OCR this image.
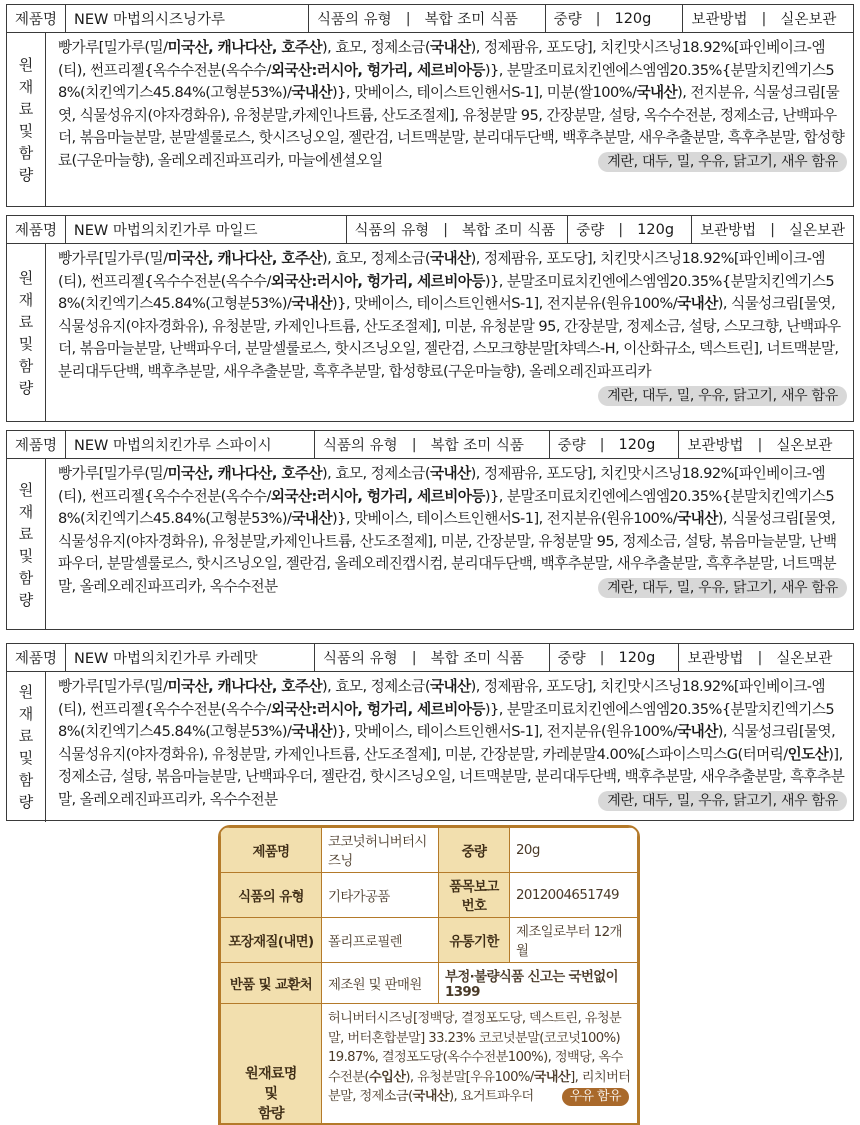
제품명	NEW 마법의시즈닝가루	식품의 유형 | 복합 조미 식품	중량 | 120g	보관방법 | 실온보관
원
재
료
및
함
량
빵가루[밀가루(밀/미국산, 캐나다산, 호주산), 효모, 정제소금(국내산), 정제팜유, 포도당], 치킨맛시즈닝18.92%[파인베이크-엠(티), 썬프리젤{옥수수전분(옥수수/외국산:러시아, 헝가리, 세르비아등)}, 분말조미료치킨엔에스엠엠20.35%{분말치킨엑기스58%(치킨엑기스45.84%(고형분53%)/국내산)}, 맛베이스, 테이스트인핸서S-1], 미분(쌀100%/국내산), 전지분유, 식물성크림[물엿, 식물성유지(야자경화유), 유청분말,카제인나트륨, 산도조절제], 유청분말 95, 간장분말, 설탕, 옥수수전분, 정제소금, 난백파우더, 볶음마늘분말, 분말셀룰로스, 핫시즈닝오일, 젤란검, 너트맥분말, 분리대두단백, 백후추분말, 새우추출분말, 흑후추분말, 합성향료(구운마늘향), 올레오레진파프리카, 마늘에센셜오일	계란, 대두, 밀, 우유, 닭고기, 새우 함유
제품명	NEW 마법의치킨가루 마일드	식품의 유형 | 복합 조미 식품	중량 | 120g	보관방법 | 실온보관
원
재
료
및
함
량
빵가루[밀가루(밀/미국산, 캐나다산, 호주산), 효모, 정제소금(국내산), 정제팜유, 포도당], 치킨맛시즈닝18.92%[파인베이크-엠(티), 썬프리젤{옥수수전분(옥수수/외국산:러시아, 헝가리, 세르비아등)}, 분말조미료치킨엔에스엠엠20.35%{분말치킨엑기스58%(치킨엑기스45.84%(고형분53%)/국내산)}, 맛베이스, 테이스트인핸서S-1], 전지분유(원유100%/국내산), 식물성크림[물엿, 식물성유지(야자경화유), 유청분말, 카제인나트륨, 산도조절제], 미분, 유청분말 95, 간장분말, 정제소금, 설탕, 스모크향, 난백파우더, 볶음마늘분말, 난백파우더, 분말셀룰로스, 핫시즈닝오일, 젤란검, 스모크향분말[챠덱스-H, 이산화규소, 덱스트린], 너트맥분말, 분리대두단백, 백후추분말, 새우추출분말, 흑후추분말, 합성향료(구운마늘향), 올레오레진파프리카
계란, 대두, 밀, 우유, 닭고기, 새우 함유
제품명	NEW 마법의치킨가루 스파이시	식품의 유형 | 복합 조미 식품	중량 | 120g	보관방법 | 실온보관
원
재
료
및
함
량
빵가루[밀가루(밀/미국산, 캐나다산, 호주산), 효모, 정제소금(국내산), 정제팜유, 포도당], 치킨맛시즈닝18.92%[파인베이크-엠(티), 썬프리젤{옥수수전분(옥수수/외국산:러시아, 헝가리, 세르비아등)}, 분말조미료치킨엔에스엠엠20.35%{분말치킨엑기스58%(치킨엑기스45.84%(고형분53%)/국내산)}, 맛베이스, 테이스트인핸서S-1], 전지분유(원유100%/국내산), 식물성크림[물엿, 식물성유지(야자경화유), 유청분말,카제인나트륨, 산도조절제], 미분, 간장분말, 유청분말 95, 정제소금, 설탕, 볶음마늘분말, 난백파우더, 분말셀룰로스, 핫시즈닝오일, 젤란검, 올레오레진캡시컴, 분리대두단백, 백후추분말, 새우추출분말, 흑후추분말, 너트맥분말, 올레오레진파프리카, 옥수수전분	계란, 대두, 밀, 우유, 닭고기, 새우 함유
제품명	NEW 마법의치킨가루 카레맛	식품의 유형 | 복합 조미 식품	중량 | 120g	보관방법 | 실온보관
원
재
료
및
함
량
빵가루[밀가루(밀/미국산, 캐나다산, 호주산), 효모, 정제소금(국내산), 정제팜유, 포도당], 치킨맛시즈닝18.92%[파인베이크-엠(티), 썬프리젤{옥수수전분(옥수수/외국산:러시아, 헝가리, 세르비아등)}, 분말조미료치킨엔에스엠엠20.35%{분말치킨엑기스58%(치킨엑기스45.84%(고형분53%)/국내산)}, 맛베이스, 테이스트인핸서S-1], 전지분유(원유100%/국내산), 식물성크림[물엿, 식물성유지(야자경화유), 유청분말, 카제인나트륨, 산도조절제], 미분, 간장분말, 카레분말4.00%[스파이스믹스G(터머릭/인도산)], 정제소금, 설탕, 볶음마늘분말, 난백파우더, 젤란검, 핫시즈닝오일, 너트맥분말, 분리대두단백, 백후추분말, 새우추출분말, 흑후추분말, 올레오레진파프리카, 옥수수전분	계란, 대두, 밀, 우유, 닭고기, 새우 함유
제품명	코코넛허니버터시즈닝	중량	20g
식품의 유형	기타가공품	품목보고번호	2012004651749
포장재질(내면)	폴리프로필렌	유통기한	제조일로부터 12개월
반품 및 교환처	제조원 및 판매원	부정·불량식품 신고는 국번없이 1399	

원재료명
및
함량	허니버터시즈닝[정백당, 결정포도당, 덱스트린, 유청분말, 버터혼합분말] 33.23% 코코넛분말(코코넛100%) 19.87%, 결정포도당(옥수수전분100%), 정백당, 옥수수전분(수입산), 유청분말[우유100%/국내산], 리치버터분말, 정제소금(국내산), 요거트파우더 우유 함유		
